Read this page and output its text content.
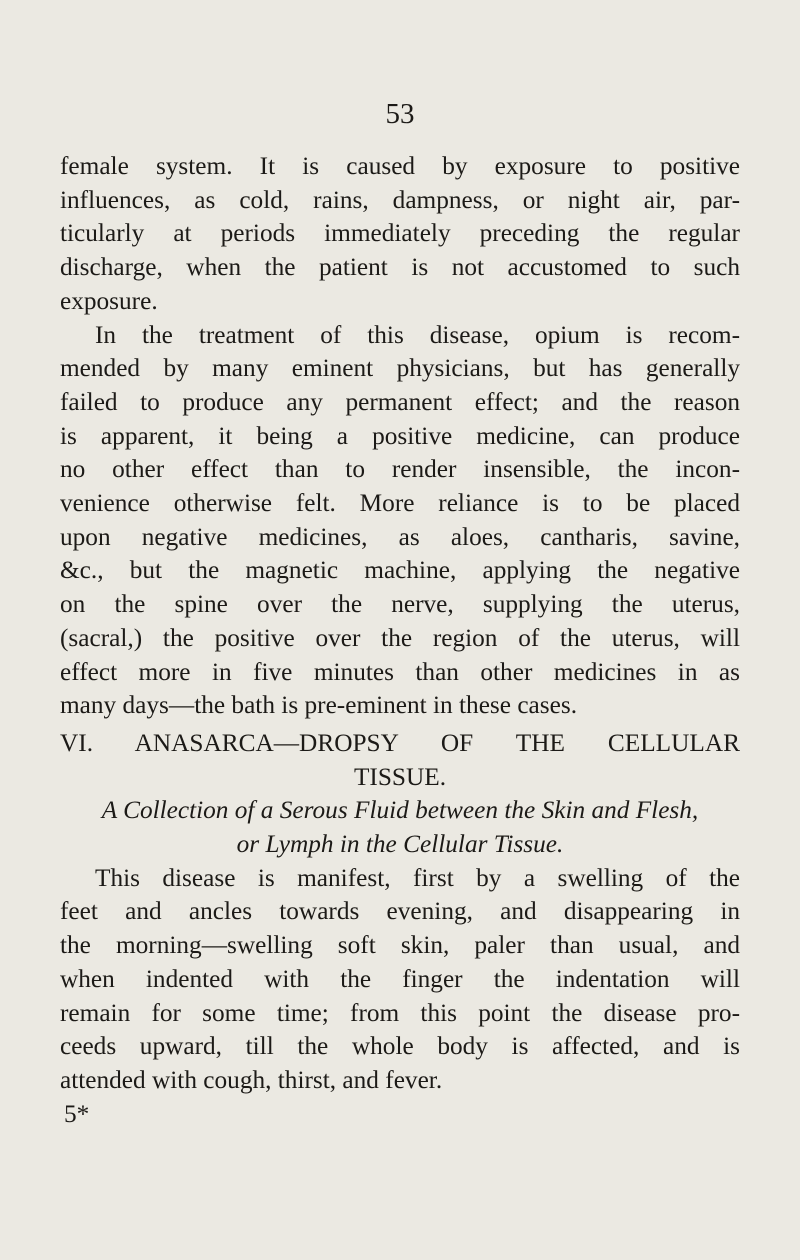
53
female system. It is caused by exposure to positive
influences, as cold, rains, dampness, or night air, par-
ticularly at periods immediately preceding the regular
discharge, when the patient is not accustomed to such
exposure.
In the treatment of this disease, opium is recom-
mended by many eminent physicians, but has generally
failed to produce any permanent effect; and the reason
is apparent, it being a positive medicine, can produce
no other effect than to render insensible, the incon-
venience otherwise felt. More reliance is to be placed
upon negative medicines, as aloes, cantharis, savine,
&c., but the magnetic machine, applying the negative
on the spine over the nerve, supplying the uterus,
(sacral,) the positive over the region of the uterus, will
effect more in five minutes than other medicines in as
many days—the bath is pre-eminent in these cases.
VI. ANASARCA—DROPSY OF THE CELLULAR
TISSUE.
A Collection of a Serous Fluid between the Skin and Flesh,
or Lymph in the Cellular Tissue.
This disease is manifest, first by a swelling of the
feet and ancles towards evening, and disappearing in
the morning—swelling soft skin, paler than usual, and
when indented with the finger the indentation will
remain for some time; from this point the disease pro-
ceeds upward, till the whole body is affected, and is
attended with cough, thirst, and fever.
5*
